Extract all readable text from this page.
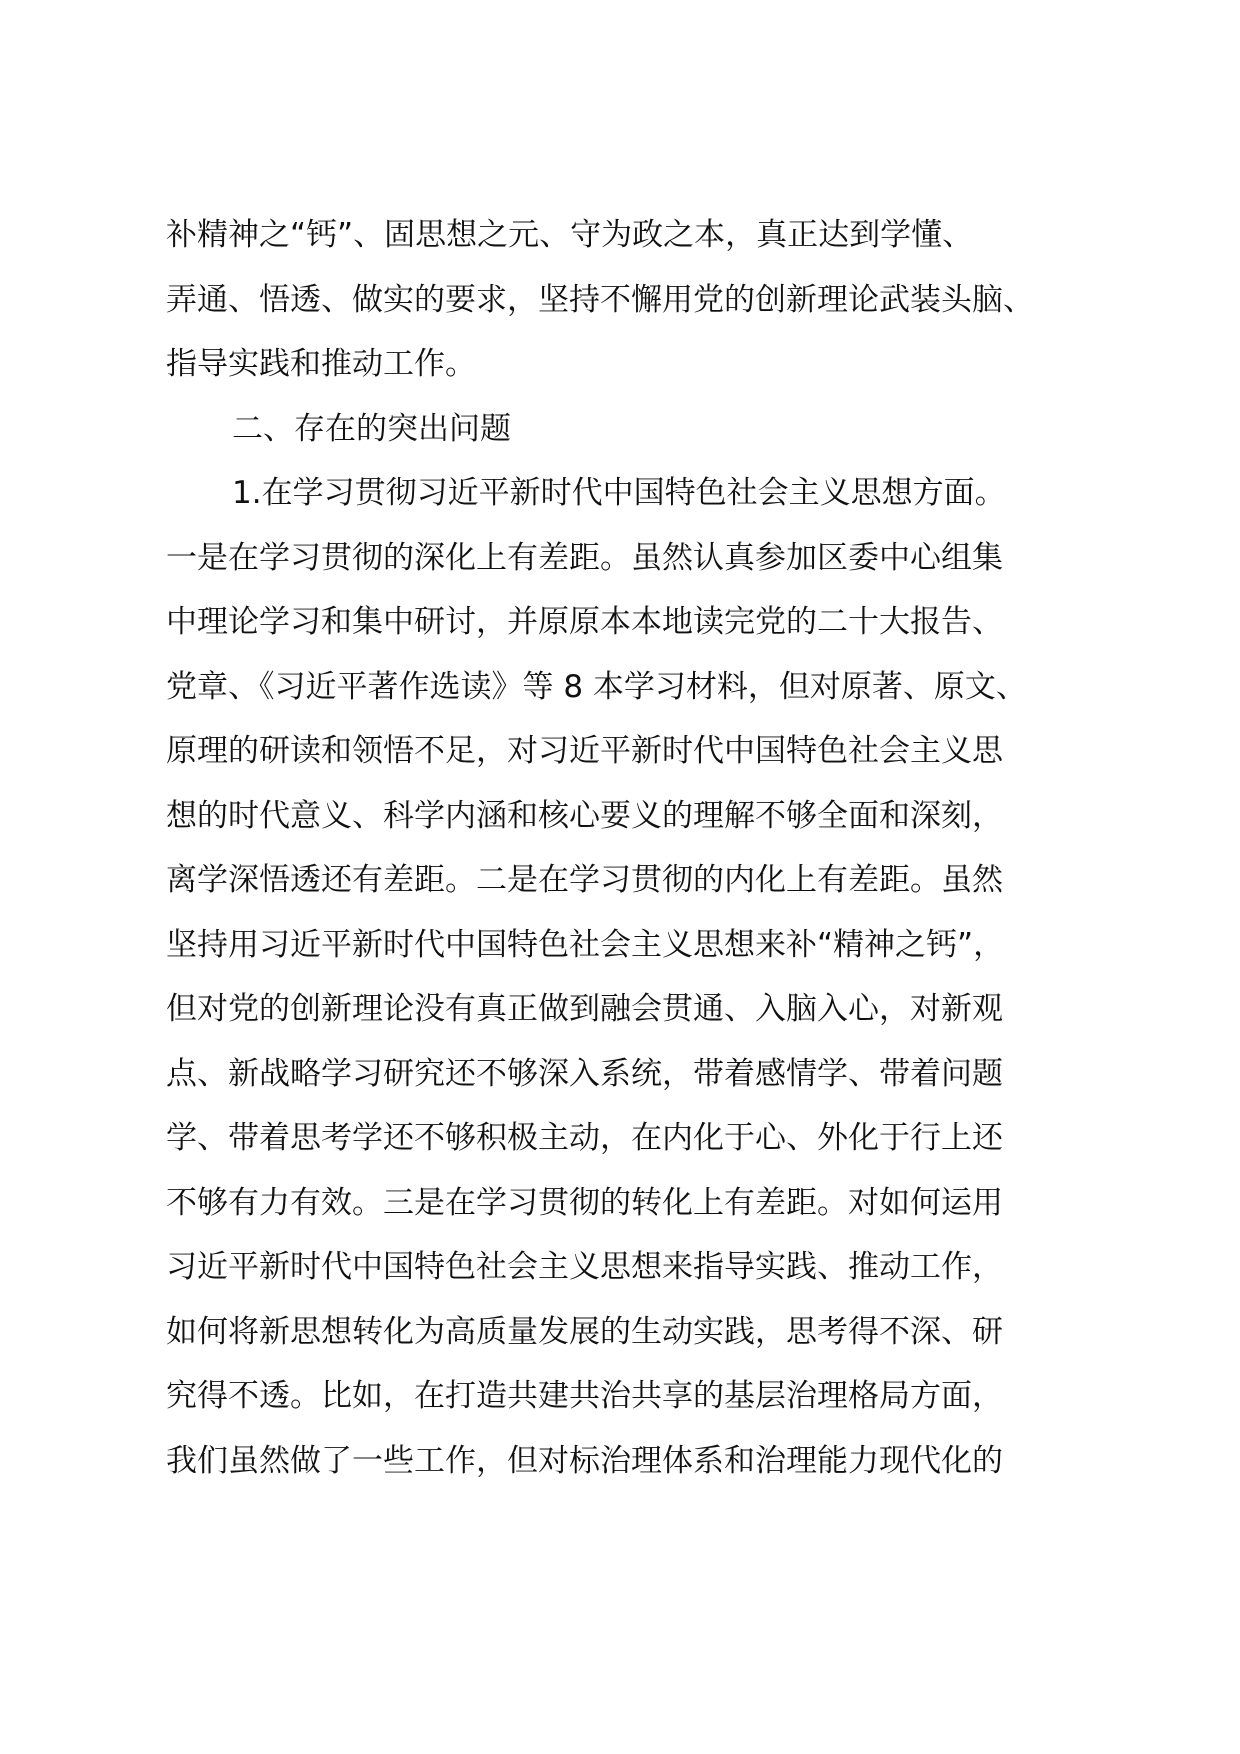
补精神之“钙”、固思想之元、守为政之本，真正达到学懂、
弄通、悟透、做实的要求，坚持不懈用党的创新理论武装头脑、
指导实践和推动工作。
二、存在的突出问题
1.在学习贯彻习近平新时代中国特色社会主义思想方面。
一是在学习贯彻的深化上有差距。虽然认真参加区委中心组集
中理论学习和集中研讨，并原原本本地读完党的二十大报告、
党章、《习近平著作选读》等 8 本学习材料，但对原著、原文、
原理的研读和领悟不足，对习近平新时代中国特色社会主义思
想的时代意义、科学内涵和核心要义的理解不够全面和深刻，
离学深悟透还有差距。二是在学习贯彻的内化上有差距。虽然
坚持用习近平新时代中国特色社会主义思想来补“精神之钙”，
但对党的创新理论没有真正做到融会贯通、入脑入心，对新观
点、新战略学习研究还不够深入系统，带着感情学、带着问题
学、带着思考学还不够积极主动，在内化于心、外化于行上还
不够有力有效。三是在学习贯彻的转化上有差距。对如何运用
习近平新时代中国特色社会主义思想来指导实践、推动工作，
如何将新思想转化为高质量发展的生动实践，思考得不深、研
究得不透。比如，在打造共建共治共享的基层治理格局方面，
我们虽然做了一些工作，但对标治理体系和治理能力现代化的
